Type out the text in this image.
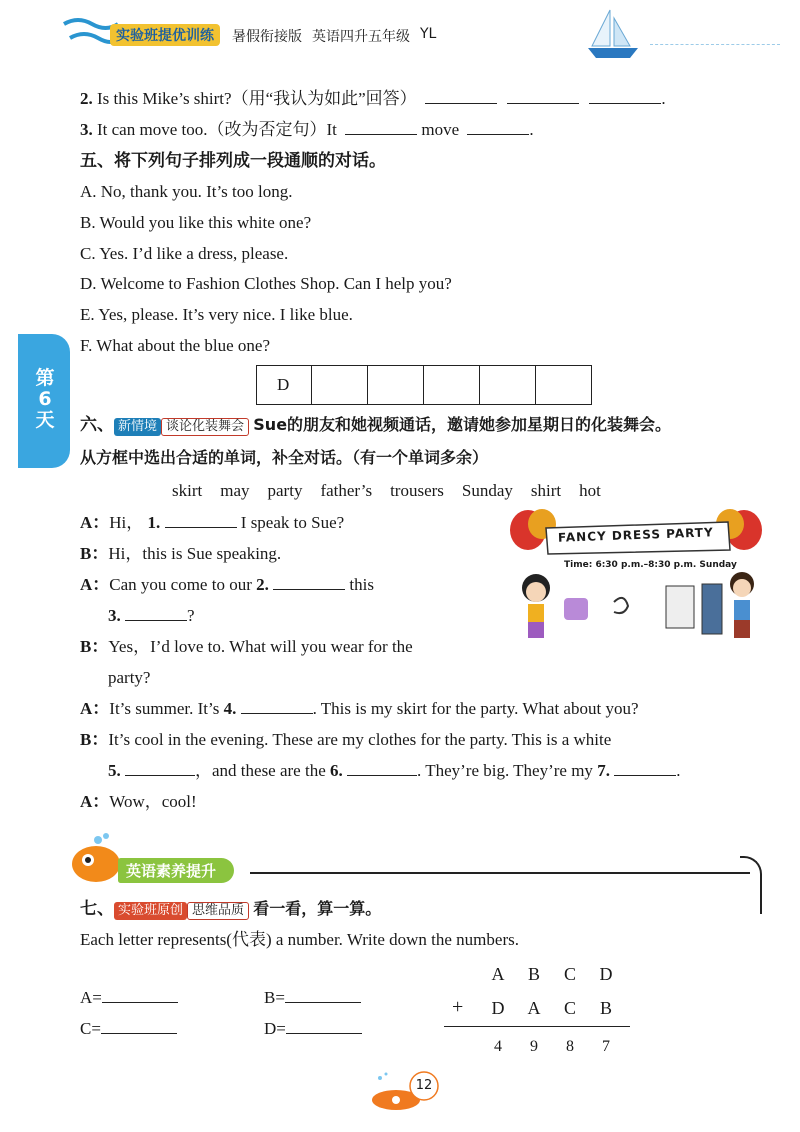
实验班提优训练	暑假衔接版 英语四升五年级 YL
第
6
天
2. Is this Mike’s shirt?（用“我认为如此”回答）	.
3. It can move too.（改为否定句）It	move	.
五、将下列句子排列成一段通顺的对话。
A. No, thank you. It’s too long.
B. Would you like this white one?
C. Yes. I’d like a dress, please.
D. Welcome to Fashion Clothes Shop. Can I help you?
E. Yes, please. It’s very nice. I like blue.
F. What about the blue one?
D
六、 新情境 谈论化装舞会 Sue的朋友和她视频通话，邀请她参加星期日的化装舞会。
从方框中选出合适的单词，补全对话。（有一个单词多余）
skirt may party father’s trousers Sunday shirt hot
A：Hi， 1.	I speak to Sue?
B：Hi，this is Sue speaking.
A：Can you come to our 2.	this
3.	?
B：Yes，I’d love to. What will you wear for the
party?
A：It’s summer. It’s 4.	. This is my skirt for the party. What about you?
B：It’s cool in the evening. These are my clothes for the party. This is a white
5.	，and these are the 6.	. They’re big. They’re my 7.	.
A：Wow，cool!
FANCY DRESS PARTY
Time: 6:30 p.m.–8:30 p.m. Sunday
英语素养提升
七、 实验班原创 思维品质 看一看，算一算。
Each letter represents(代表) a number. Write down the numbers.
A=	B=
C=	D=
A B C D
+ D A C B
4 9 8 7
12
